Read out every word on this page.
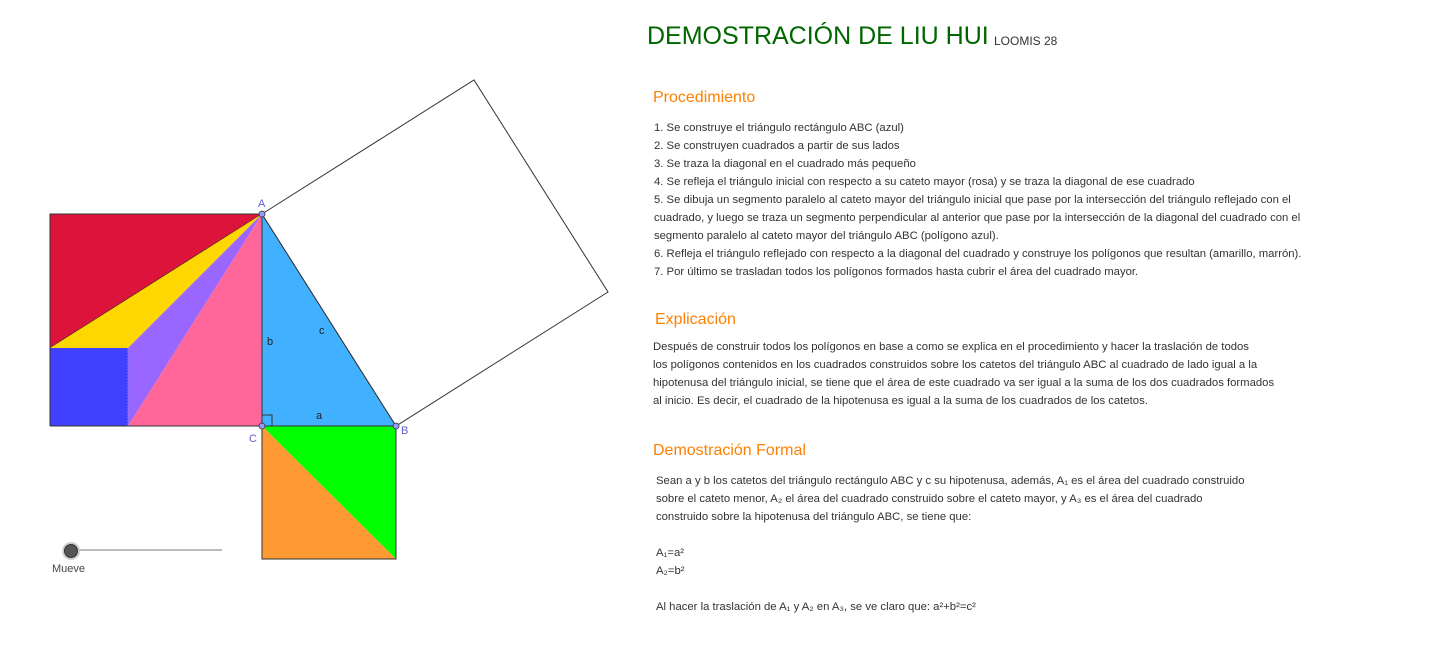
b
c
a
A
B
C
Mueve
DEMOSTRACIÓN DE LIU HUI LOOMIS 28
Procedimiento
1. Se construye el triángulo rectángulo ABC (azul)
2. Se construyen cuadrados a partir de sus lados
3. Se traza la diagonal en el cuadrado más pequeño
4. Se refleja el triángulo inicial con respecto a su cateto mayor (rosa) y se traza la diagonal de ese cuadrado
5. Se dibuja un segmento paralelo al cateto mayor del triángulo inicial que pase por la intersección del triángulo reflejado con el
cuadrado, y luego se traza un segmento perpendicular al anterior que pase por la intersección de la diagonal del cuadrado con el
segmento paralelo al cateto mayor del triángulo ABC (polígono azul).
6. Refleja el triángulo reflejado con respecto a la diagonal del cuadrado y construye los polígonos que resultan (amarillo, marrón).
7. Por último se trasladan todos los polígonos formados hasta cubrir el área del cuadrado mayor.
Explicación
Después de construir todos los polígonos en base a como se explica en el procedimiento y hacer la traslación de todos
los polígonos contenidos en los cuadrados construidos sobre los catetos del triángulo ABC al cuadrado de lado igual a la
hipotenusa del triángulo inicial, se tiene que el área de este cuadrado va ser igual a la suma de los dos cuadrados formados
al inicio. Es decir, el cuadrado de la hipotenusa es igual a la suma de los cuadrados de los catetos.
Demostración Formal
Sean a y b los catetos del triángulo rectángulo ABC y c su hipotenusa, además, A₁ es el área del cuadrado construido
sobre el cateto menor, A₂ el área del cuadrado construido sobre el cateto mayor, y A₃ es el área del cuadrado
construido sobre la hipotenusa del triángulo ABC, se tiene que:
A₁=a²
A₂=b²
Al hacer la traslación de A₁ y A₂ en A₃, se ve claro que: a²+b²=c²
